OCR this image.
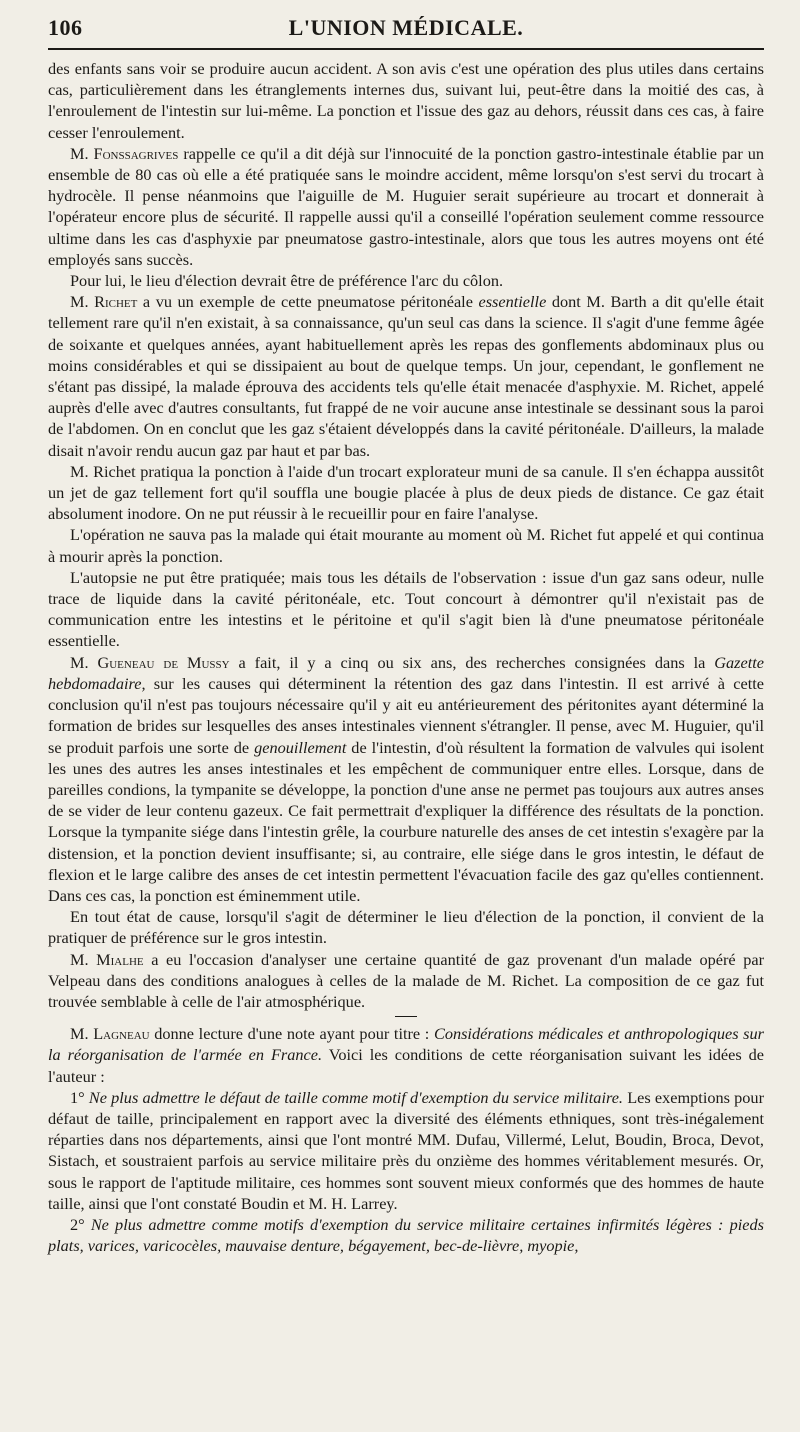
106	L'UNION MÉDICALE.

des enfants sans voir se produire aucun accident. A son avis c'est une opération des plus utiles dans certains cas, particulièrement dans les étranglements internes dus, suivant lui, peut-être dans la moitié des cas, à l'enroulement de l'intestin sur lui-même. La ponction et l'issue des gaz au dehors, réussit dans ces cas, à faire cesser l'enroulement.

M. Fonssagrives rappelle ce qu'il a dit déjà sur l'innocuité de la ponction gastro-intestinale établie par un ensemble de 80 cas où elle a été pratiquée sans le moindre accident, même lorsqu'on s'est servi du trocart à hydrocèle. Il pense néanmoins que l'aiguille de M. Huguier serait supérieure au trocart et donnerait à l'opérateur encore plus de sécurité. Il rappelle aussi qu'il a conseillé l'opération seulement comme ressource ultime dans les cas d'asphyxie par pneumatose gastro-intestinale, alors que tous les autres moyens ont été employés sans succès.

Pour lui, le lieu d'élection devrait être de préférence l'arc du côlon.

M. Richet a vu un exemple de cette pneumatose péritonéale essentielle dont M. Barth a dit qu'elle était tellement rare qu'il n'en existait, à sa connaissance, qu'un seul cas dans la science. Il s'agit d'une femme âgée de soixante et quelques années, ayant habituellement après les repas des gonflements abdominaux plus ou moins considérables et qui se dissipaient au bout de quelque temps. Un jour, cependant, le gonflement ne s'étant pas dissipé, la malade éprouva des accidents tels qu'elle était menacée d'asphyxie. M. Richet, appelé auprès d'elle avec d'autres consultants, fut frappé de ne voir aucune anse intestinale se dessinant sous la paroi de l'abdomen. On en conclut que les gaz s'étaient développés dans la cavité péritonéale. D'ailleurs, la malade disait n'avoir rendu aucun gaz par haut et par bas.

M. Richet pratiqua la ponction à l'aide d'un trocart explorateur muni de sa canule. Il s'en échappa aussitôt un jet de gaz tellement fort qu'il souffla une bougie placée à plus de deux pieds de distance. Ce gaz était absolument inodore. On ne put réussir à le recueillir pour en faire l'analyse.

L'opération ne sauva pas la malade qui était mourante au moment où M. Richet fut appelé et qui continua à mourir après la ponction.

L'autopsie ne put être pratiquée; mais tous les détails de l'observation : issue d'un gaz sans odeur, nulle trace de liquide dans la cavité péritonéale, etc. Tout concourt à démontrer qu'il n'existait pas de communication entre les intestins et le péritoine et qu'il s'agit bien là d'une pneumatose péritonéale essentielle.

M. Gueneau de Mussy a fait, il y a cinq ou six ans, des recherches consignées dans la Gazette hebdomadaire, sur les causes qui déterminent la rétention des gaz dans l'intestin. Il est arrivé à cette conclusion qu'il n'est pas toujours nécessaire qu'il y ait eu antérieurement des péritonites ayant déterminé la formation de brides sur lesquelles des anses intestinales viennent s'étrangler. Il pense, avec M. Huguier, qu'il se produit parfois une sorte de genouillement de l'intestin, d'où résultent la formation de valvules qui isolent les unes des autres les anses intestinales et les empêchent de communiquer entre elles. Lorsque, dans de pareilles condions, la tympanite se développe, la ponction d'une anse ne permet pas toujours aux autres anses de se vider de leur contenu gazeux. Ce fait permettrait d'expliquer la différence des résultats de la ponction. Lorsque la tympanite siége dans l'intestin grêle, la courbure naturelle des anses de cet intestin s'exagère par la distension, et la ponction devient insuffisante; si, au contraire, elle siége dans le gros intestin, le défaut de flexion et le large calibre des anses de cet intestin permettent l'évacuation facile des gaz qu'elles contiennent. Dans ces cas, la ponction est éminemment utile.

En tout état de cause, lorsqu'il s'agit de déterminer le lieu d'élection de la ponction, il convient de la pratiquer de préférence sur le gros intestin.

M. Mialhe a eu l'occasion d'analyser une certaine quantité de gaz provenant d'un malade opéré par Velpeau dans des conditions analogues à celles de la malade de M. Richet. La composition de ce gaz fut trouvée semblable à celle de l'air atmosphérique.

M. Lagneau donne lecture d'une note ayant pour titre : Considérations médicales et anthropologiques sur la réorganisation de l'armée en France. Voici les conditions de cette réorganisation suivant les idées de l'auteur :

1° Ne plus admettre le défaut de taille comme motif d'exemption du service militaire. Les exemptions pour défaut de taille, principalement en rapport avec la diversité des éléments ethniques, sont très-inégalement réparties dans nos départements, ainsi que l'ont montré MM. Dufau, Villermé, Lelut, Boudin, Broca, Devot, Sistach, et soustraient parfois au service militaire près du onzième des hommes véritablement mesurés. Or, sous le rapport de l'aptitude militaire, ces hommes sont souvent mieux conformés que des hommes de haute taille, ainsi que l'ont constaté Boudin et M. H. Larrey.

2° Ne plus admettre comme motifs d'exemption du service militaire certaines infirmités légères : pieds plats, varices, varicocèles, mauvaise denture, bégayement, bec-de-lièvre, myopie,
